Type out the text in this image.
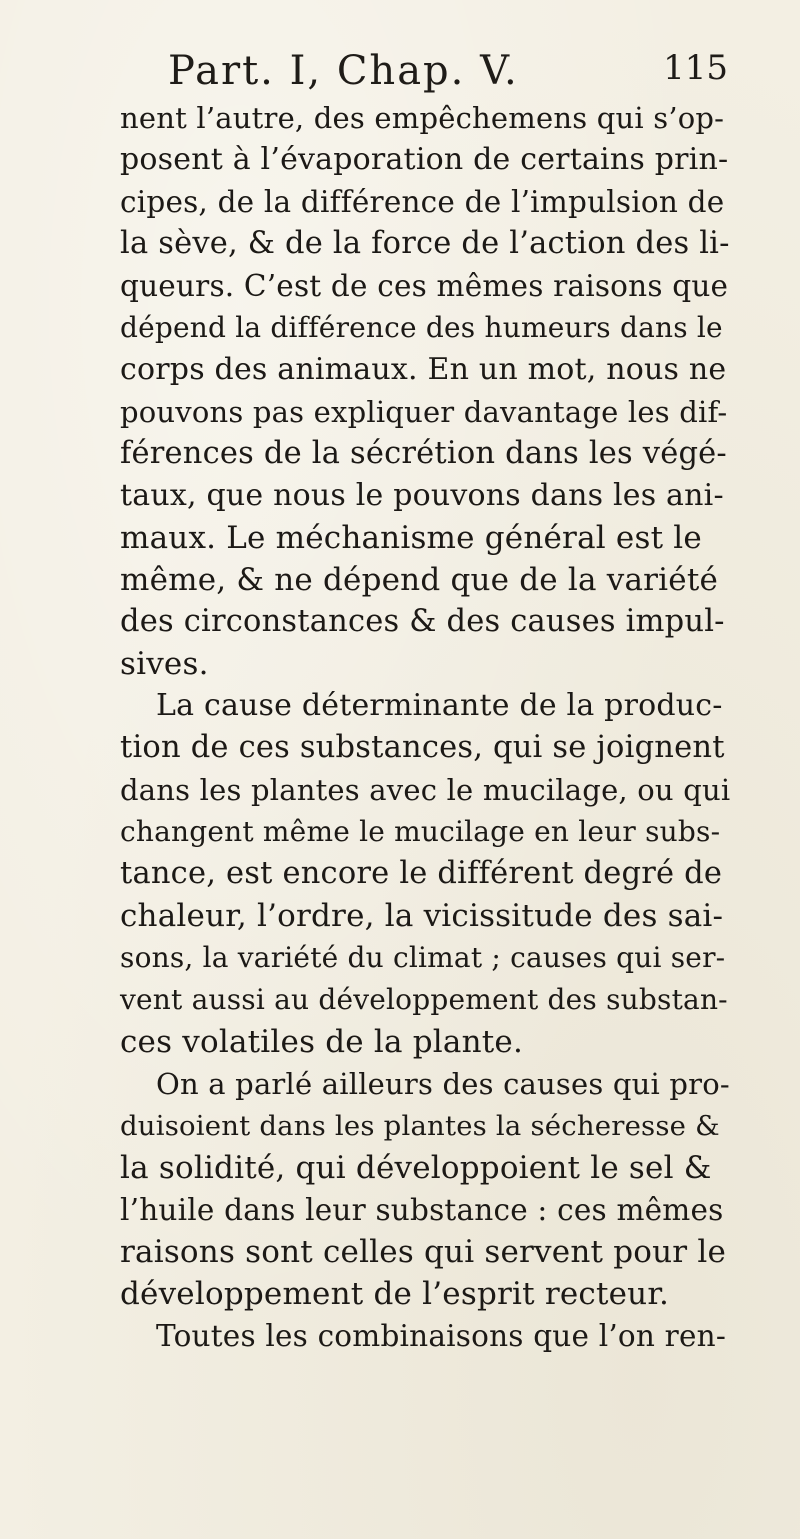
Part. I, Chap. V.	115
nent l’autre, des empêchemens qui s’op-
posent à l’évaporation de certains prin-
cipes, de la différence de l’impulsion de
la sève, & de la force de l’action des li-
queurs. C’est de ces mêmes raisons que
dépend la différence des humeurs dans le
corps des animaux. En un mot, nous ne
pouvons pas expliquer davantage les dif-
férences de la sécrétion dans les végé-
taux, que nous le pouvons dans les ani-
maux. Le méchanisme général est le
même, & ne dépend que de la variété
des circonstances & des causes impul-
sives.
La cause déterminante de la produc-
tion de ces substances, qui se joignent
dans les plantes avec le mucilage, ou qui
changent même le mucilage en leur subs-
tance, est encore le différent degré de
chaleur, l’ordre, la vicissitude des sai-
sons, la variété du climat ; causes qui ser-
vent aussi au développement des substan-
ces volatiles de la plante.
On a parlé ailleurs des causes qui pro-
duisoient dans les plantes la sécheresse &
la solidité, qui développoient le sel &
l’huile dans leur substance : ces mêmes
raisons sont celles qui servent pour le
développement de l’esprit recteur.
Toutes les combinaisons que l’on ren-
